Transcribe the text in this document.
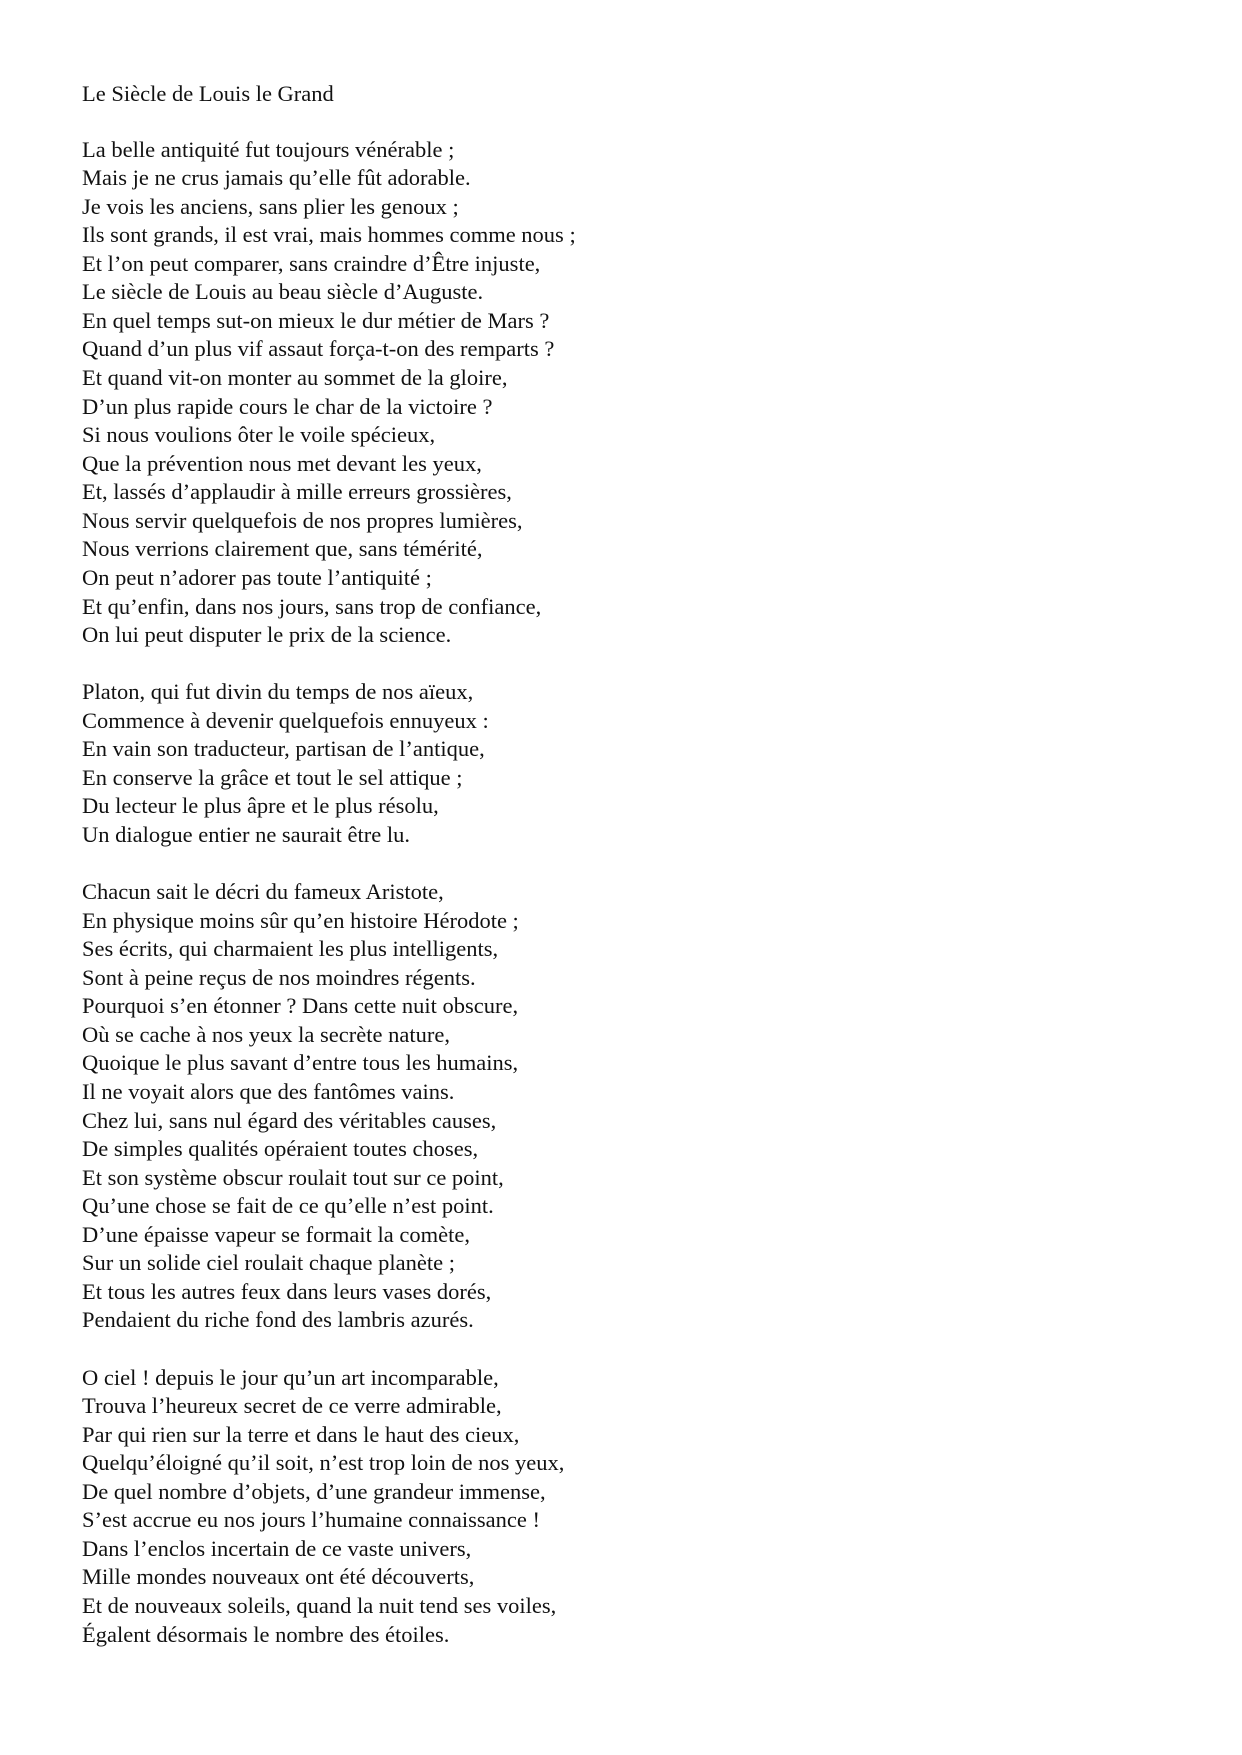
Le Siècle de Louis le Grand
La belle antiquité fut toujours vénérable ;
Mais je ne crus jamais qu’elle fût adorable.
Je vois les anciens, sans plier les genoux ;
Ils sont grands, il est vrai, mais hommes comme nous ;
Et l’on peut comparer, sans craindre d’Être injuste,
Le siècle de Louis au beau siècle d’Auguste.
En quel temps sut-on mieux le dur métier de Mars ?
Quand d’un plus vif assaut força-t-on des remparts ?
Et quand vit-on monter au sommet de la gloire,
D’un plus rapide cours le char de la victoire ?
Si nous voulions ôter le voile spécieux,
Que la prévention nous met devant les yeux,
Et, lassés d’applaudir à mille erreurs grossières,
Nous servir quelquefois de nos propres lumières,
Nous verrions clairement que, sans témérité,
On peut n’adorer pas toute l’antiquité ;
Et qu’enfin, dans nos jours, sans trop de confiance,
On lui peut disputer le prix de la science.
Platon, qui fut divin du temps de nos aïeux,
Commence à devenir quelquefois ennuyeux :
En vain son traducteur, partisan de l’antique,
En conserve la grâce et tout le sel attique ;
Du lecteur le plus âpre et le plus résolu,
Un dialogue entier ne saurait être lu.
Chacun sait le décri du fameux Aristote,
En physique moins sûr qu’en histoire Hérodote ;
Ses écrits, qui charmaient les plus intelligents,
Sont à peine reçus de nos moindres régents.
Pourquoi s’en étonner ? Dans cette nuit obscure,
Où se cache à nos yeux la secrète nature,
Quoique le plus savant d’entre tous les humains,
Il ne voyait alors que des fantômes vains.
Chez lui, sans nul égard des véritables causes,
De simples qualités opéraient toutes choses,
Et son système obscur roulait tout sur ce point,
Qu’une chose se fait de ce qu’elle n’est point.
D’une épaisse vapeur se formait la comète,
Sur un solide ciel roulait chaque planète ;
Et tous les autres feux dans leurs vases dorés,
Pendaient du riche fond des lambris azurés.
O ciel ! depuis le jour qu’un art incomparable,
Trouva l’heureux secret de ce verre admirable,
Par qui rien sur la terre et dans le haut des cieux,
Quelqu’éloigné qu’il soit, n’est trop loin de nos yeux,
De quel nombre d’objets, d’une grandeur immense,
S’est accrue eu nos jours l’humaine connaissance !
Dans l’enclos incertain de ce vaste univers,
Mille mondes nouveaux ont été découverts,
Et de nouveaux soleils, quand la nuit tend ses voiles,
Égalent désormais le nombre des étoiles.
